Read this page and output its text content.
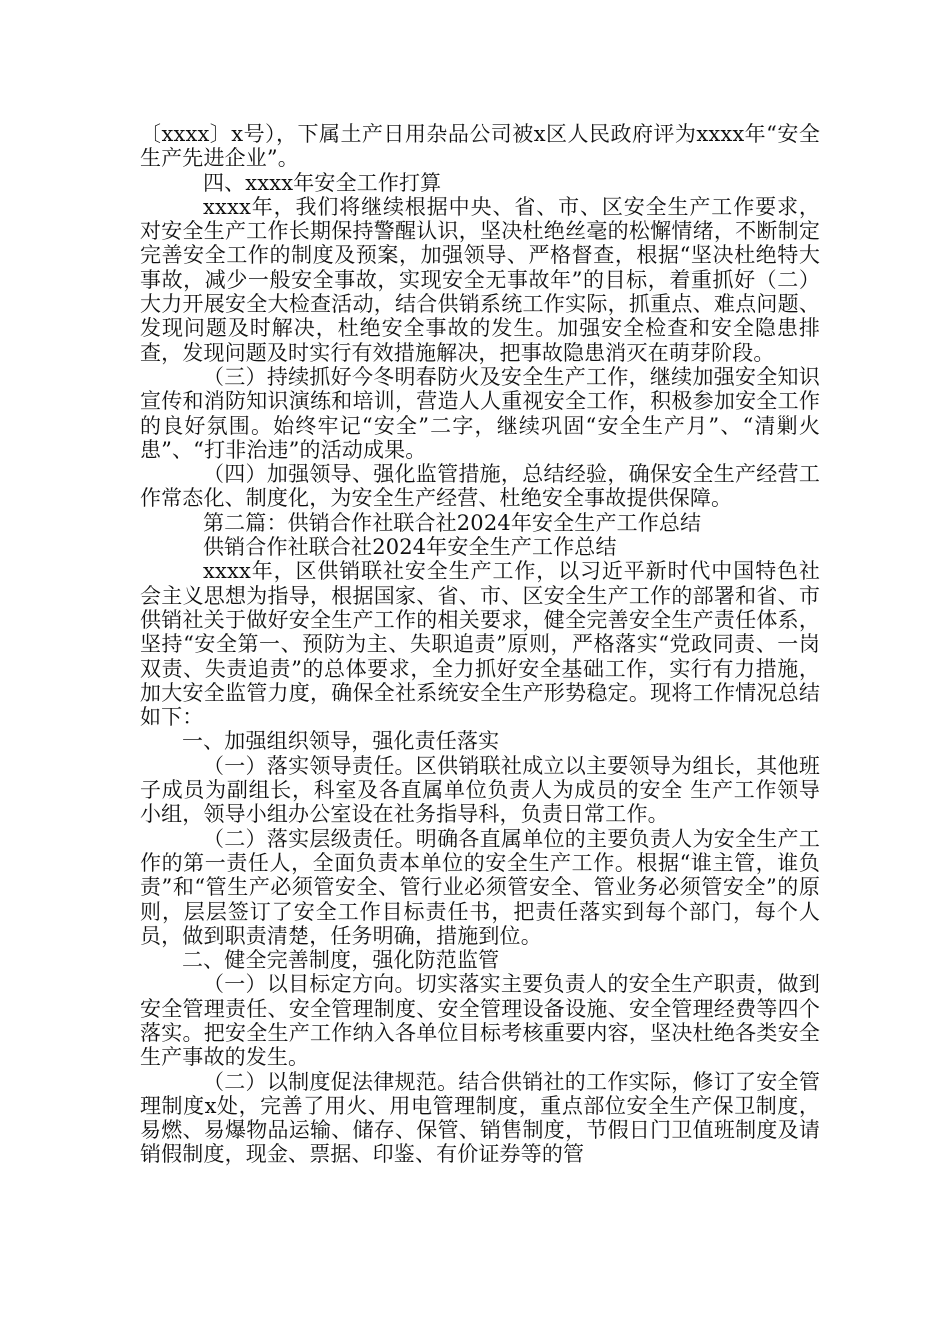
〔xxxx〕x号），下属土产日用杂品公司被x区人民政府评为xxxx年“安全生产先进企业”。

四、xxxx年安全工作打算

xxxx年，我们将继续根据中央、省、市、区安全生产工作要求，对安全生产工作长期保持警醒认识，坚决杜绝丝毫的松懈情绪，不断制定完善安全工作的制度及预案，加强领导、严格督查，根据“坚决杜绝特大事故，减少一般安全事故，实现安全无事故年”的目标，着重抓好（二）大力开展安全大检查活动，结合供销系统工作实际，抓重点、难点问题、发现问题及时解决，杜绝安全事故的发生。加强安全检查和安全隐患排查，发现问题及时实行有效措施解决，把事故隐患消灭在萌芽阶段。

（三）持续抓好今冬明春防火及安全生产工作，继续加强安全知识宣传和消防知识演练和培训，营造人人重视安全工作，积极参加安全工作的良好氛围。始终牢记“安全”二字，继续巩固“安全生产月”、“清剿火患”、“打非治违”的活动成果。

（四）加强领导、强化监管措施，总结经验，确保安全生产经营工作常态化、制度化，为安全生产经营、杜绝安全事故提供保障。

第二篇：供销合作社联合社2024年安全生产工作总结

供销合作社联合社2024年安全生产工作总结

xxxx年，区供销联社安全生产工作，以习近平新时代中国特色社会主义思想为指导，根据国家、省、市、区安全生产工作的部署和省、市供销社关于做好安全生产工作的相关要求，健全完善安全生产责任体系，坚持“安全第一、预防为主、失职追责”原则，严格落实“党政同责、一岗双责、失责追责”的总体要求，全力抓好安全基础工作，实行有力措施，加大安全监管力度，确保全社系统安全生产形势稳定。现将工作情况总结如下：

一、加强组织领导，强化责任落实

（一）落实领导责任。区供销联社成立以主要领导为组长，其他班子成员为副组长，科室及各直属单位负责人为成员的安全 生产工作领导小组，领导小组办公室设在社务指导科，负责日常工作。

（二）落实层级责任。明确各直属单位的主要负责人为安全生产工作的第一责任人，全面负责本单位的安全生产工作。根据“谁主管，谁负责”和“管生产必须管安全、管行业必须管安全、管业务必须管安全”的原则，层层签订了安全工作目标责任书，把责任落实到每个部门，每个人员，做到职责清楚，任务明确，措施到位。

二、健全完善制度，强化防范监管

（一）以目标定方向。切实落实主要负责人的安全生产职责，做到安全管理责任、安全管理制度、安全管理设备设施、安全管理经费等四个落实。把安全生产工作纳入各单位目标考核重要内容，坚决杜绝各类安全生产事故的发生。

（二）以制度促法律规范。结合供销社的工作实际，修订了安全管理制度x处，完善了用火、用电管理制度，重点部位安全生产保卫制度，易燃、易爆物品运输、储存、保管、销售制度，节假日门卫值班制度及请销假制度，现金、票据、印鉴、有价证券等的管
